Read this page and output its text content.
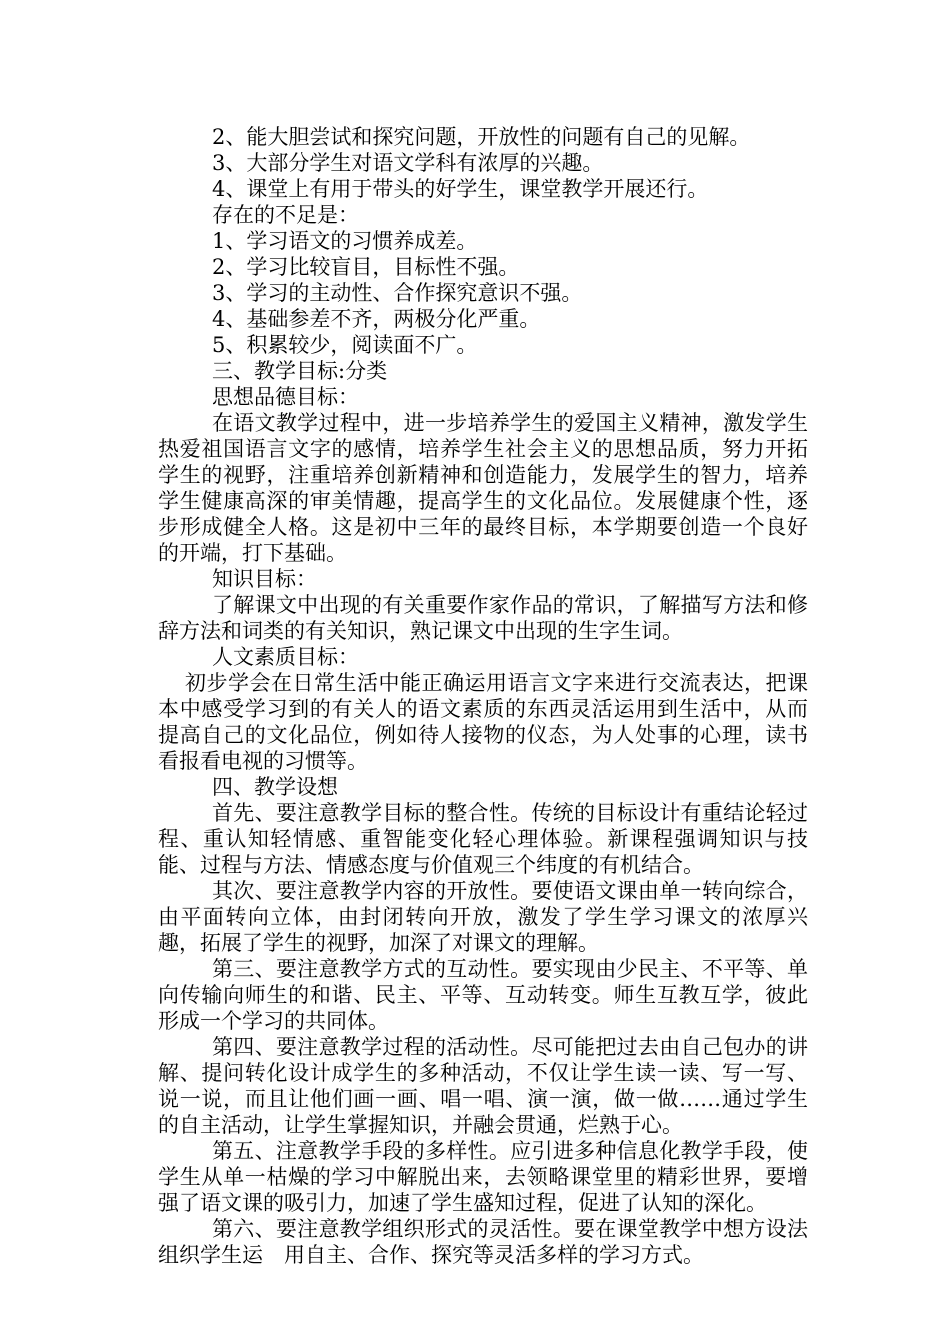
2、能大胆尝试和探究问题，开放性的问题有自己的见解。

3、大部分学生对语文学科有浓厚的兴趣。

4、课堂上有用于带头的好学生，课堂教学开展还行。

存在的不足是：

1、学习语文的习惯养成差。

2、学习比较盲目，目标性不强。

3、学习的主动性、合作探究意识不强。

4、基础参差不齐，两极分化严重。

5、积累较少，阅读面不广。

三、教学目标:分类

思想品德目标：

在语文教学过程中，进一步培养学生的爱国主义精神，激发学生热爱祖国语言文字的感情，培养学生社会主义的思想品质，努力开拓学生的视野，注重培养创新精神和创造能力，发展学生的智力，培养学生健康高深的审美情趣，提高学生的文化品位。发展健康个性，逐步形成健全人格。这是初中三年的最终目标，本学期要创造一个良好的开端，打下基础。

知识目标：

了解课文中出现的有关重要作家作品的常识，了解描写方法和修辞方法和词类的有关知识，熟记课文中出现的生字生词。

人文素质目标：

初步学会在日常生活中能正确运用语言文字来进行交流表达，把课本中感受学习到的有关人的语文素质的东西灵活运用到生活中，从而提高自己的文化品位，例如待人接物的仪态，为人处事的心理，读书看报看电视的习惯等。

四、教学设想

首先、要注意教学目标的整合性。传统的目标设计有重结论轻过程、重认知轻情感、重智能变化轻心理体验。新课程强调知识与技能、过程与方法、情感态度与价值观三个纬度的有机结合。

其次、要注意教学内容的开放性。要使语文课由单一转向综合，由平面转向立体，由封闭转向开放，激发了学生学习课文的浓厚兴趣，拓展了学生的视野，加深了对课文的理解。

第三、要注意教学方式的互动性。要实现由少民主、不平等、单向传输向师生的和谐、民主、平等、互动转变。师生互教互学，彼此形成一个学习的共同体。

第四、要注意教学过程的活动性。尽可能把过去由自己包办的讲解、提问转化设计成学生的多种活动，不仅让学生读一读、写一写、说一说，而且让他们画一画、唱一唱、演一演，做一做……通过学生的自主活动，让学生掌握知识，并融会贯通，烂熟于心。

第五、注意教学手段的多样性。应引进多种信息化教学手段，使学生从单一枯燥的学习中解脱出来，去领略课堂里的精彩世界，要增强了语文课的吸引力，加速了学生盛知过程，促进了认知的深化。

第六、要注意教学组织形式的灵活性。要在课堂教学中想方设法组织学生运　用自主、合作、探究等灵活多样的学习方式。
